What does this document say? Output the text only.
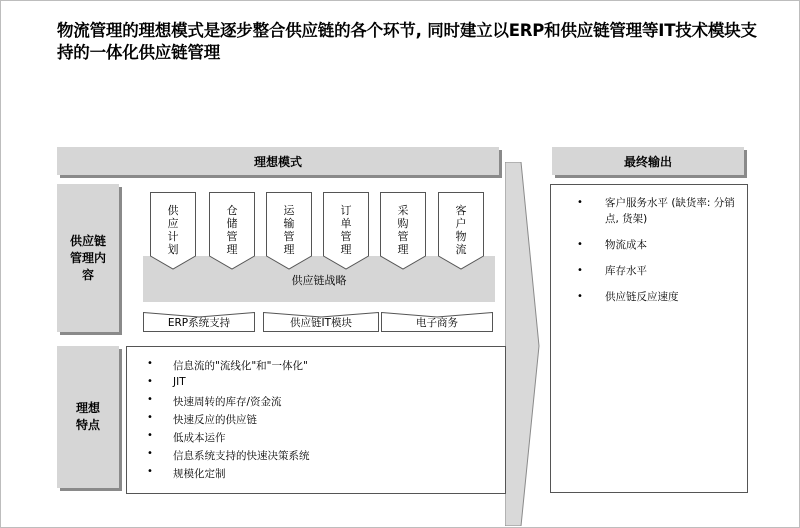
物流管理的理想模式是逐步整合供应链的各个环节, 同时建立以ERP和供应链管理等IT技术模块支持的一体化供应链管理
理想模式	最终输出
供应链管理内容
理想特点
供应链战略
供应计划
仓储管理
运输管理
订单管理
采购管理
客户物流
ERP系统支持	供应链IT模块	电子商务
• 信息流的"流线化"和"一体化"
• JIT
• 快速周转的库存/资金流
• 快速反应的供应链
• 低成本运作
• 信息系统支持的快速决策系统
• 规模化定制
•	客户服务水平 (缺货率: 分销点, 货架)
• 物流成本
• 库存水平
• 供应链反应速度
